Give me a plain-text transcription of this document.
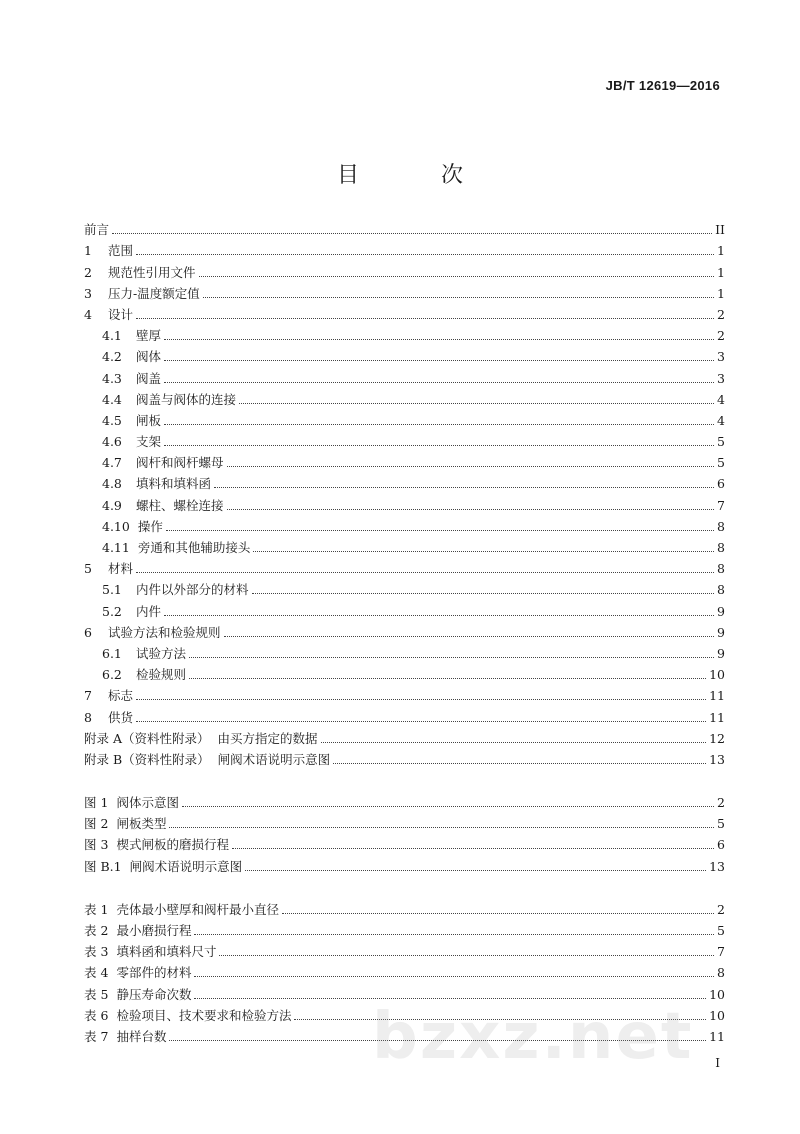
JB/T 12619—2016
目　次
前言	II
1	范围	1
2	规范性引用文件	1
3	压力-温度额定值	1
4	设计	2
4.1	壁厚	2
4.2	阀体	3
4.3	阀盖	3
4.4	阀盖与阀体的连接	4
4.5	闸板	4
4.6	支架	5
4.7	阀杆和阀杆螺母	5
4.8	填料和填料函	6
4.9	螺柱、螺栓连接	7
4.10 操作	8
4.11 旁通和其他辅助接头	8
5	材料	8
5.1	内件以外部分的材料	8
5.2	内件	9
6	试验方法和检验规则	9
6.1	试验方法	9
6.2	检验规则	10
7	标志	11
8	供货	11
附录 A（资料性附录） 由买方指定的数据	12
附录 B（资料性附录） 闸阀术语说明示意图	13
图 1 阀体示意图	2
图 2 闸板类型	5
图 3 楔式闸板的磨损行程	6
图 B.1 闸阀术语说明示意图	13
表 1 壳体最小壁厚和阀杆最小直径	2
表 2 最小磨损行程	5
表 3 填料函和填料尺寸	7
表 4 零部件的材料	8
表 5 静压寿命次数	10
表 6 检验项目、技术要求和检验方法	10
表 7 抽样台数	11
bzxz.net I
